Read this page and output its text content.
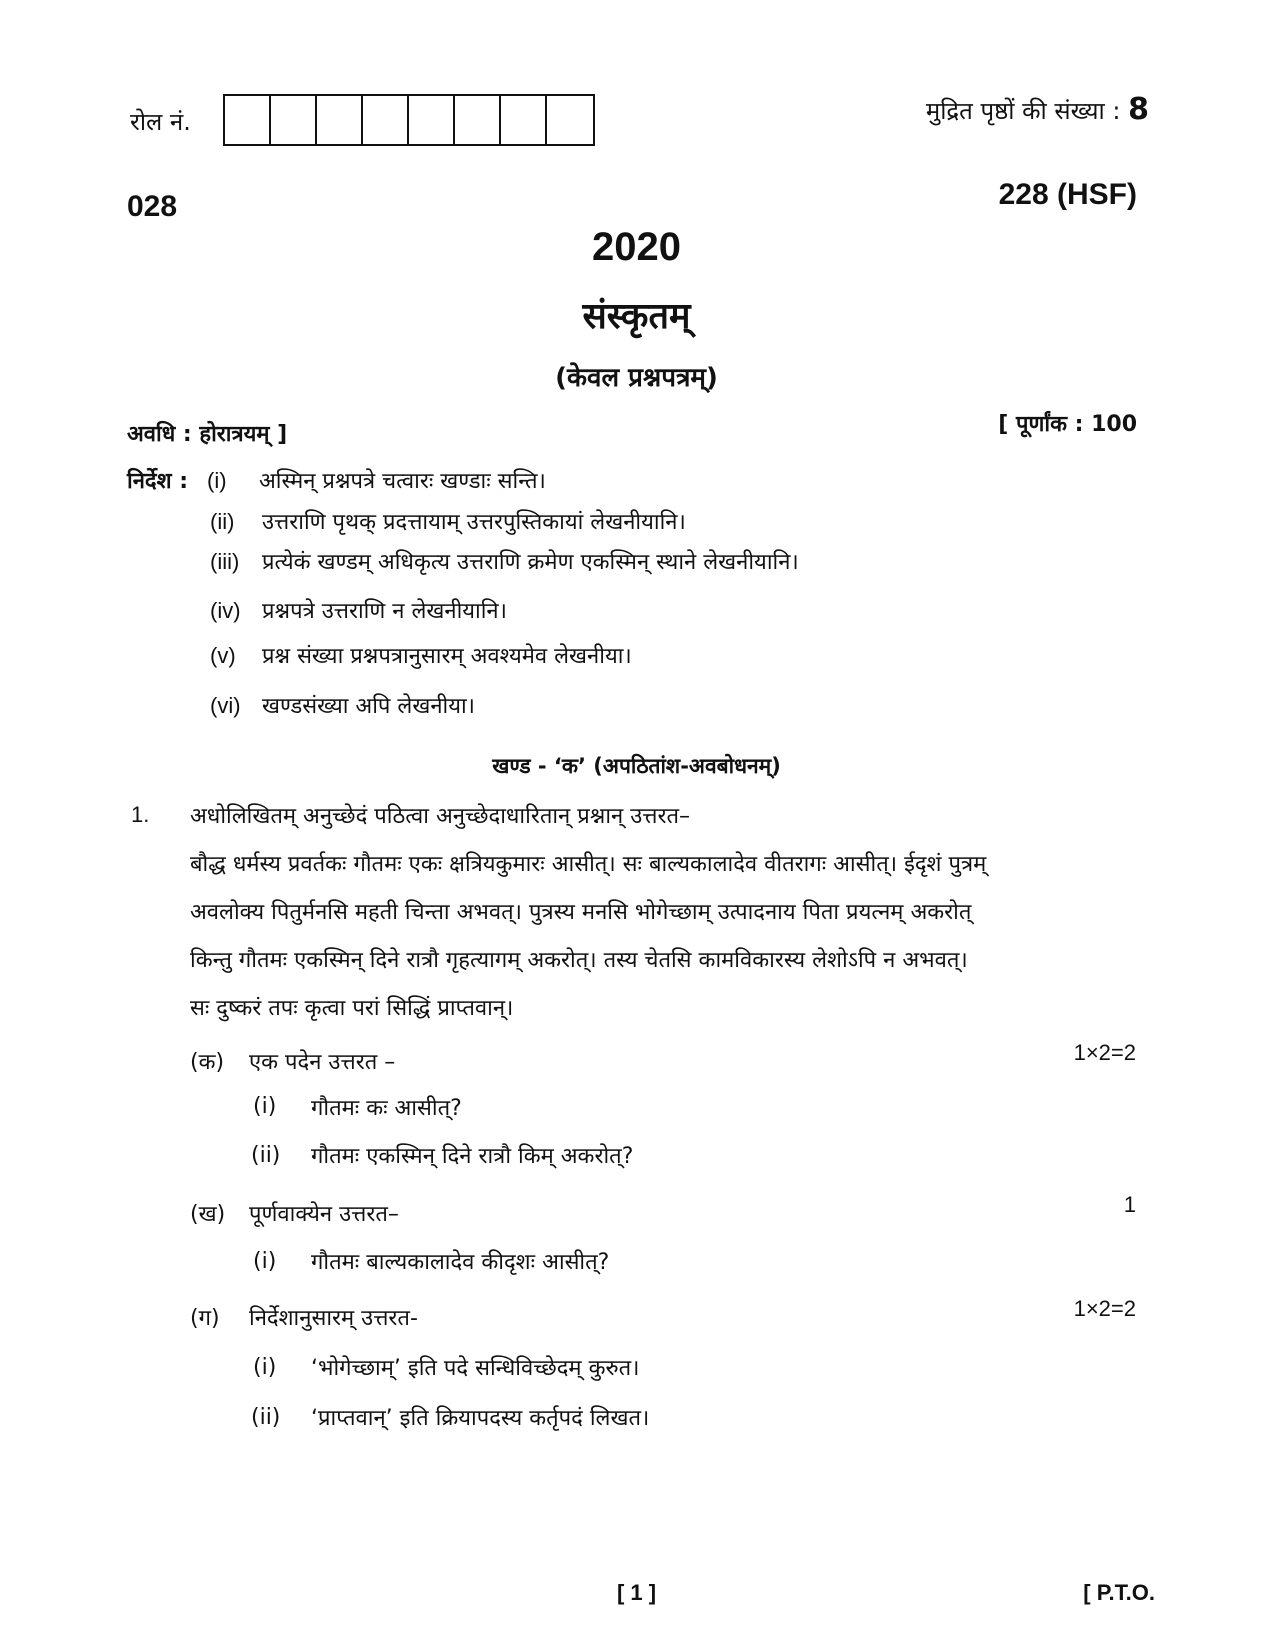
रोल नं.	मुद्रित पृष्ठों की संख्या : 8
028	228 (HSF)
2020
संस्कृतम्
(केवल प्रश्नपत्रम्)
अवधि : होरात्रयम् ]	[ पूर्णांक : 100
निर्देश : (i) अस्मिन् प्रश्नपत्रे चत्वारः खण्डाः सन्ति।
(ii) उत्तराणि पृथक् प्रदत्तायाम् उत्तरपुस्तिकायां लेखनीयानि।
(iii) प्रत्येकं खण्डम् अधिकृत्य उत्तराणि क्रमेण एकस्मिन् स्थाने लेखनीयानि।
(iv) प्रश्नपत्रे उत्तराणि न लेखनीयानि।
(v) प्रश्न संख्या प्रश्नपत्रानुसारम् अवश्यमेव लेखनीया।
(vi) खण्डसंख्या अपि लेखनीया।
खण्ड - ‘क’ (अपठितांश-अवबोधनम्)
1. अधोलिखितम् अनुच्छेदं पठित्वा अनुच्छेदाधारितान् प्रश्नान् उत्तरत–
बौद्ध धर्मस्य प्रवर्तकः गौतमः एकः क्षत्रियकुमारः आसीत्। सः बाल्यकालादेव वीतरागः आसीत्। ईदृशं पुत्रम्
अवलोक्य पितुर्मनसि महती चिन्ता अभवत्। पुत्रस्य मनसि भोगेच्छाम् उत्पादनाय पिता प्रयत्नम् अकरोत्
किन्तु गौतमः एकस्मिन् दिने रात्रौ गृहत्यागम् अकरोत्। तस्य चेतसि कामविकारस्य लेशोऽपि न अभवत्।
सः दुष्करं तपः कृत्वा परां सिद्धिं प्राप्तवान्।
(क) एक पदेन उत्तरत –	1×2=2
(i) गौतमः कः आसीत्?
(ii) गौतमः एकस्मिन् दिने रात्रौ किम् अकरोत्?
(ख) पूर्णवाक्येन उत्तरत–	1
(i) गौतमः बाल्यकालादेव कीदृशः आसीत्?
(ग) निर्देशानुसारम् उत्तरत-	1×2=2
(i) ‘भोगेच्छाम्’ इति पदे सन्धिविच्छेदम् कुरुत।
(ii) ‘प्राप्तवान्’ इति क्रियापदस्य कर्तृपदं लिखत।
[ 1 ]	[ P.T.O.
